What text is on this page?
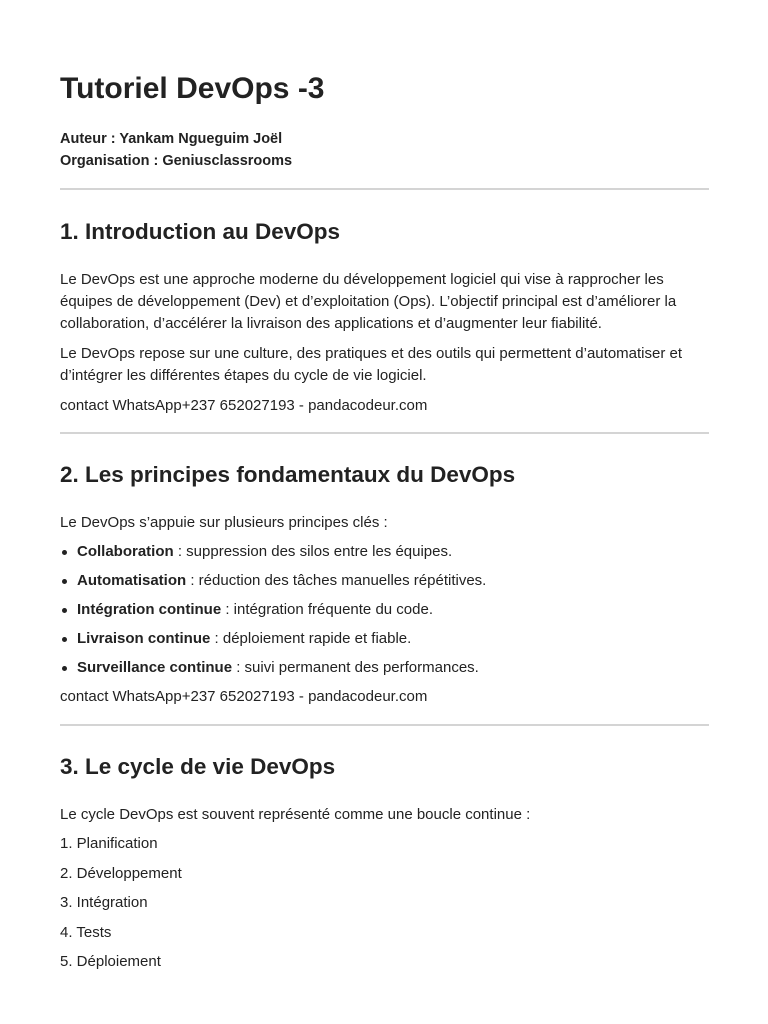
Tutoriel DevOps -3
Auteur : Yankam Ngueguim Joël
Organisation : Geniusclassrooms
1. Introduction au DevOps

Le DevOps est une approche moderne du développement logiciel qui vise à rapprocher les équipes de développement (Dev) et d’exploitation (Ops). L’objectif principal est d’améliorer la collaboration, d’accélérer la livraison des applications et d’augmenter leur fiabilité.

Le DevOps repose sur une culture, des pratiques et des outils qui permettent d’automatiser et d’intégrer les différentes étapes du cycle de vie logiciel.

contact WhatsApp+237 652027193 - pandacodeur.com

2. Les principes fondamentaux du DevOps

Le DevOps s’appuie sur plusieurs principes clés :

Collaboration : suppression des silos entre les équipes.
Automatisation : réduction des tâches manuelles répétitives.
Intégration continue : intégration fréquente du code.
Livraison continue : déploiement rapide et fiable.
Surveillance continue : suivi permanent des performances.

contact WhatsApp+237 652027193 - pandacodeur.com

3. Le cycle de vie DevOps

Le cycle DevOps est souvent représenté comme une boucle continue :

1. Planification
2. Développement
3. Intégration
4. Tests
5. Déploiement
